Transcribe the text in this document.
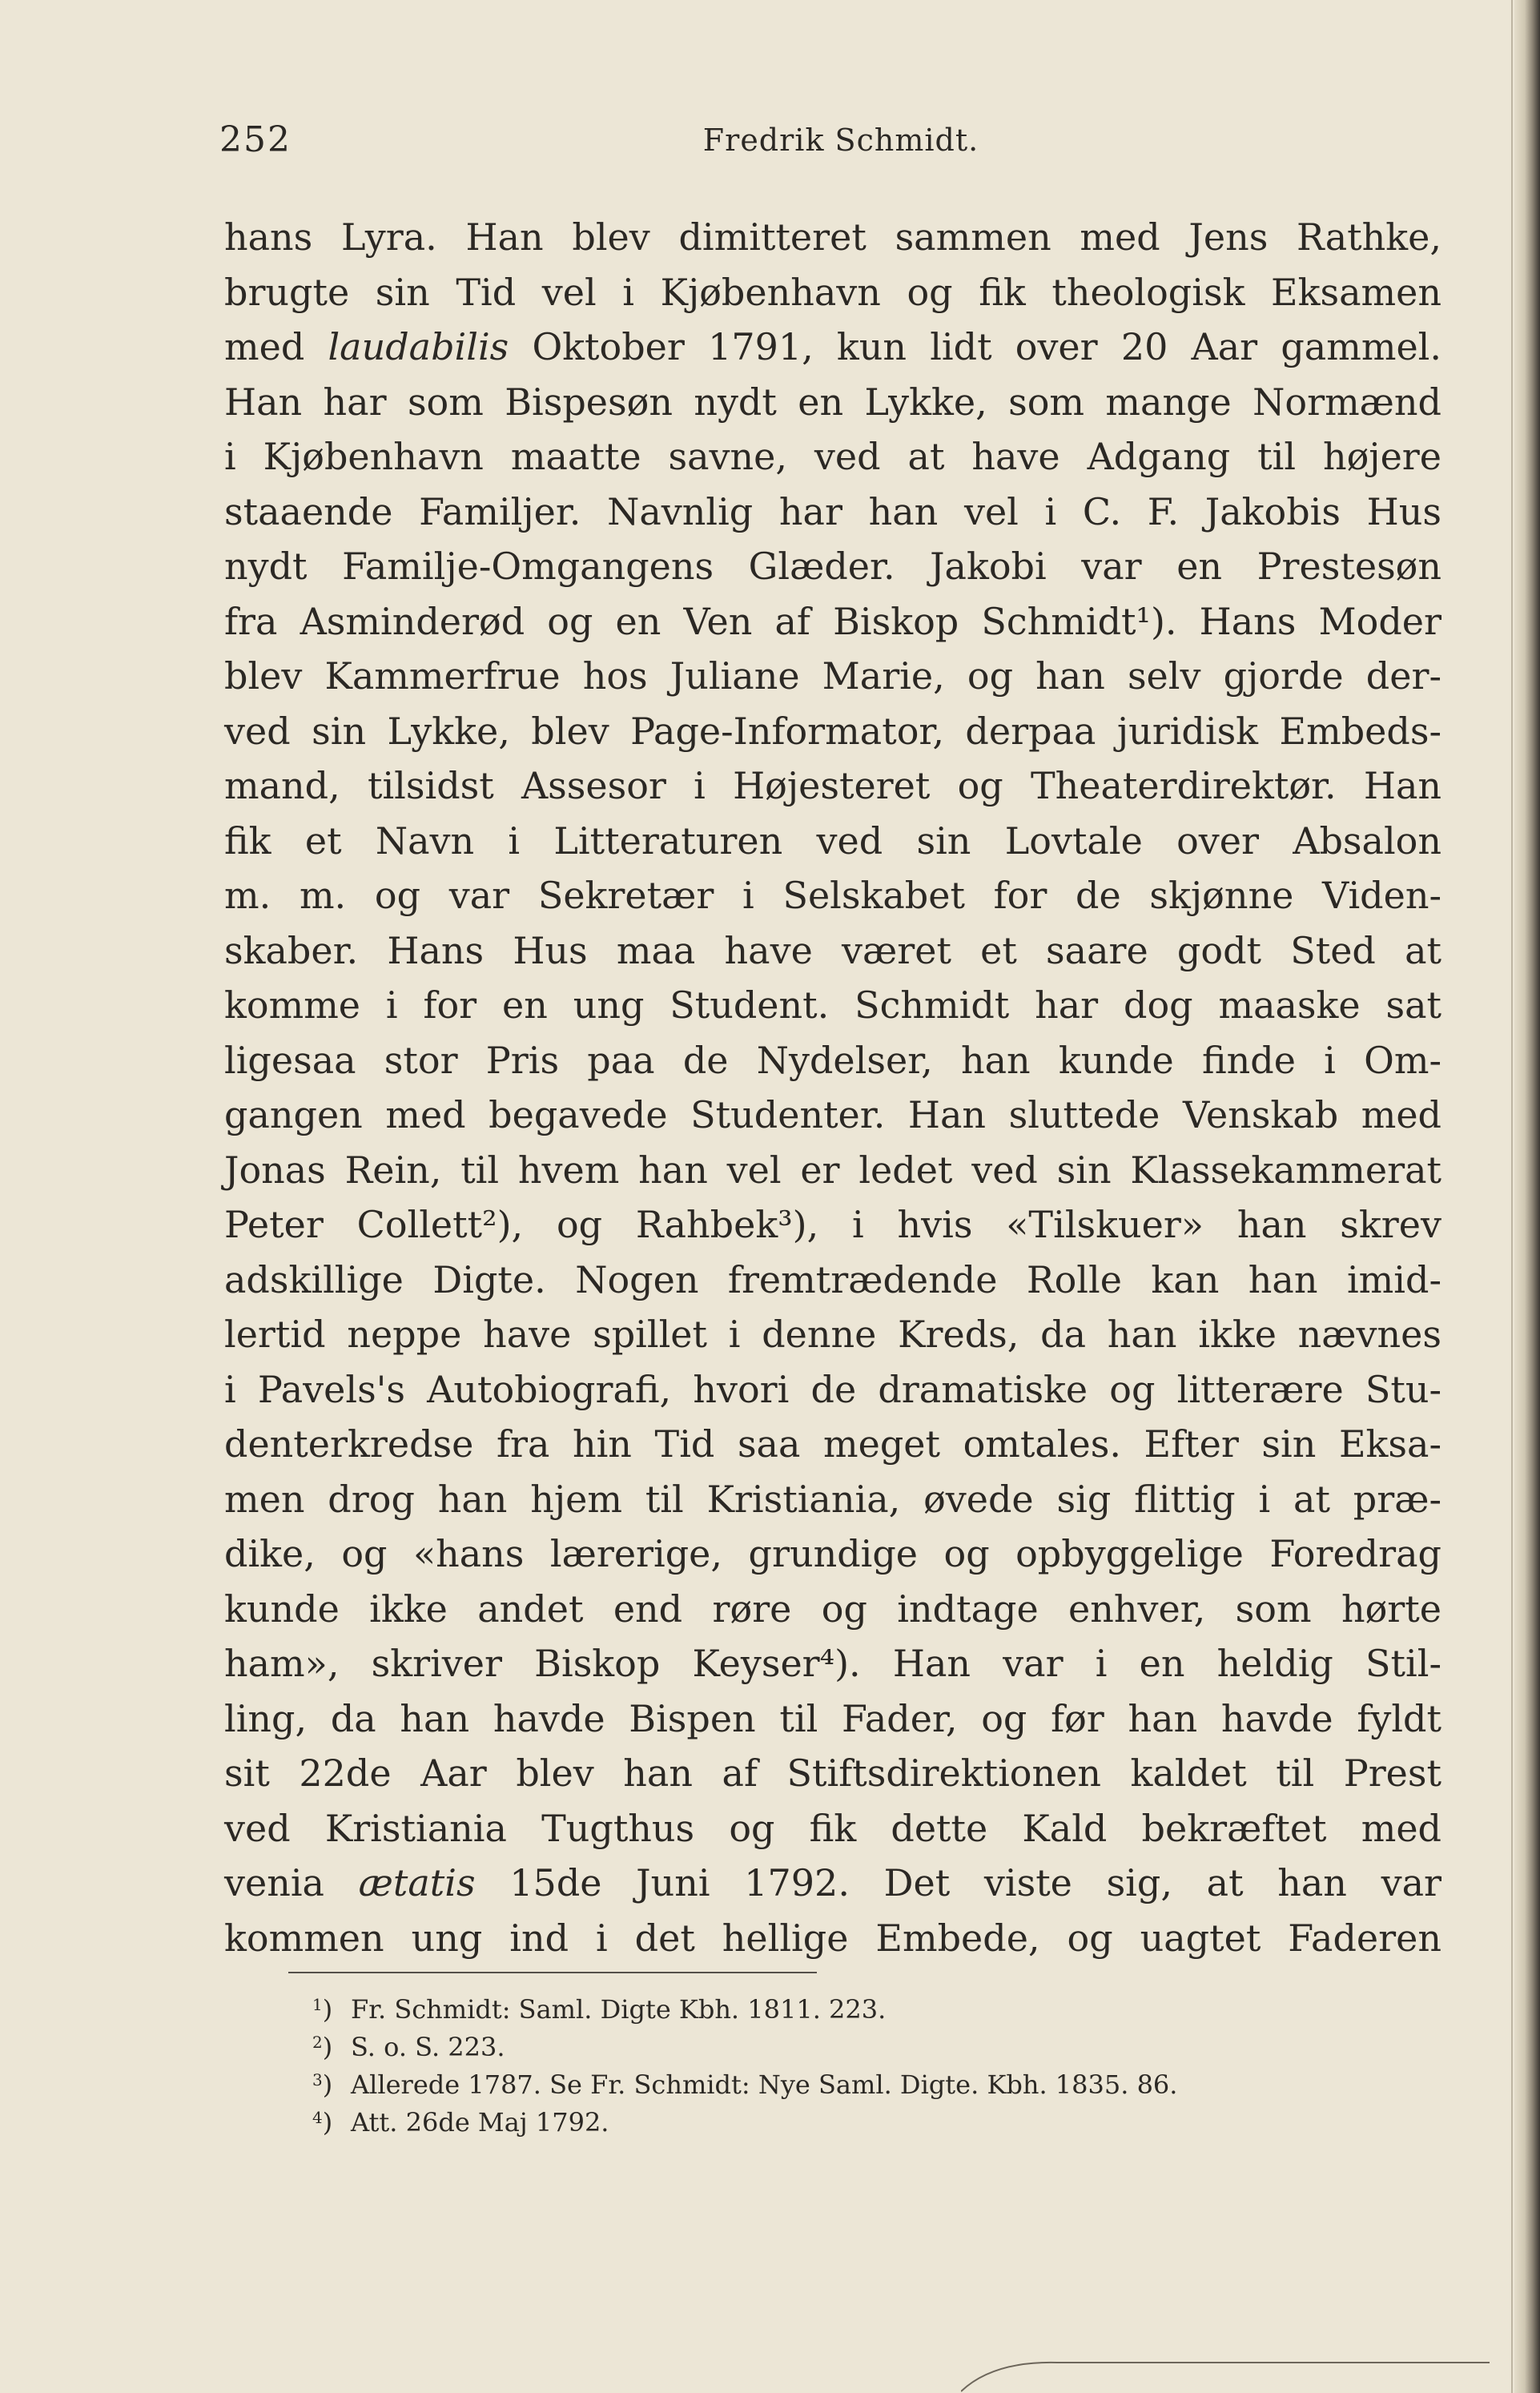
252	Fredrik Schmidt.
hans Lyra. Han blev dimitteret sammen med Jens Rathke,
brugte sin Tid vel i Kjøbenhavn og fik theologisk Eksamen
med laudabilis Oktober 1791, kun lidt over 20 Aar gammel.
Han har som Bispesøn nydt en Lykke, som mange Normænd
i Kjøbenhavn maatte savne, ved at have Adgang til højere
staaende Familjer. Navnlig har han vel i C. F. Jakobis Hus
nydt Familje-Omgangens Glæder. Jakobi var en Prestesøn
fra Asminderød og en Ven af Biskop Schmidt¹). Hans Moder
blev Kammerfrue hos Juliane Marie, og han selv gjorde der-
ved sin Lykke, blev Page-Informator, derpaa juridisk Embeds-
mand, tilsidst Assesor i Højesteret og Theaterdirektør. Han
fik et Navn i Litteraturen ved sin Lovtale over Absalon
m. m. og var Sekretær i Selskabet for de skjønne Viden-
skaber. Hans Hus maa have været et saare godt Sted at
komme i for en ung Student. Schmidt har dog maaske sat
ligesaa stor Pris paa de Nydelser, han kunde finde i Om-
gangen med begavede Studenter. Han sluttede Venskab med
Jonas Rein, til hvem han vel er ledet ved sin Klassekammerat
Peter Collett²), og Rahbek³), i hvis «Tilskuer» han skrev
adskillige Digte. Nogen fremtrædende Rolle kan han imid-
lertid neppe have spillet i denne Kreds, da han ikke nævnes
i Pavels's Autobiografi, hvori de dramatiske og litterære Stu-
denterkredse fra hin Tid saa meget omtales. Efter sin Eksa-
men drog han hjem til Kristiania, øvede sig flittig i at præ-
dike, og «hans lærerige, grundige og opbyggelige Foredrag
kunde ikke andet end røre og indtage enhver, som hørte
ham», skriver Biskop Keyser⁴). Han var i en heldig Stil-
ling, da han havde Bispen til Fader, og før han havde fyldt
sit 22de Aar blev han af Stiftsdirektionen kaldet til Prest
ved Kristiania Tugthus og fik dette Kald bekræftet med
venia ætatis 15de Juni 1792. Det viste sig, at han var
kommen ung ind i det hellige Embede, og uagtet Faderen
$^1$) Fr. Schmidt: Saml. Digte Kbh. 1811. 223.
$^2$) S. o. S. 223.
$^3$) Allerede 1787. Se Fr. Schmidt: Nye Saml. Digte. Kbh. 1835. 86.
$^4$) Att. 26de Maj 1792.
